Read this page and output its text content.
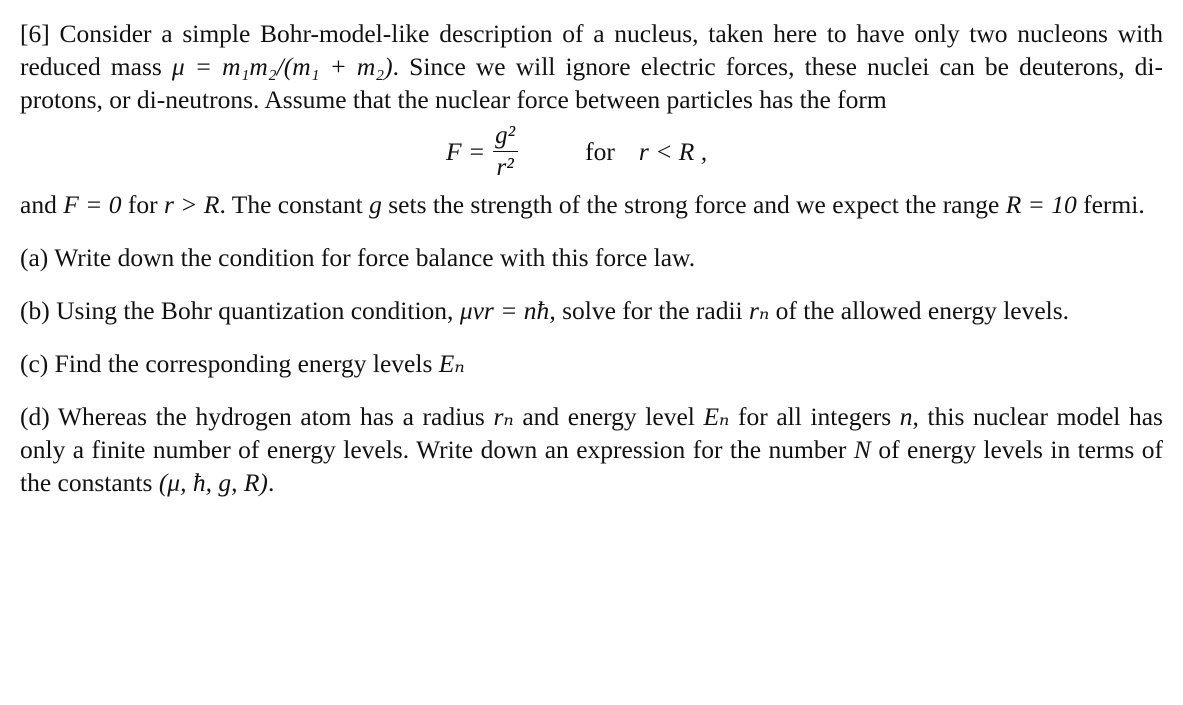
[6] Consider a simple Bohr-model-like description of a nucleus, taken here to have only two nucleons with reduced mass μ = m₁m₂/(m₁ + m₂). Since we will ignore electric forces, these nuclei can be deuterons, di-protons, or di-neutrons. Assume that the nuclear force between particles has the form

$F = \frac{\text{g²}}{\text{r²}}$	for r < R ,

and F = 0 for r > R. The constant g sets the strength of the strong force and we expect the range R = 10 fermi.

(a) Write down the condition for force balance with this force law.

(b) Using the Bohr quantization condition, μvr = nħ, solve for the radii rₙ of the allowed energy levels.

(c) Find the corresponding energy levels Eₙ

(d) Whereas the hydrogen atom has a radius rₙ and energy level Eₙ for all integers n, this nuclear model has only a finite number of energy levels. Write down an expression for the number N of energy levels in terms of the constants (μ, ħ, g, R).
